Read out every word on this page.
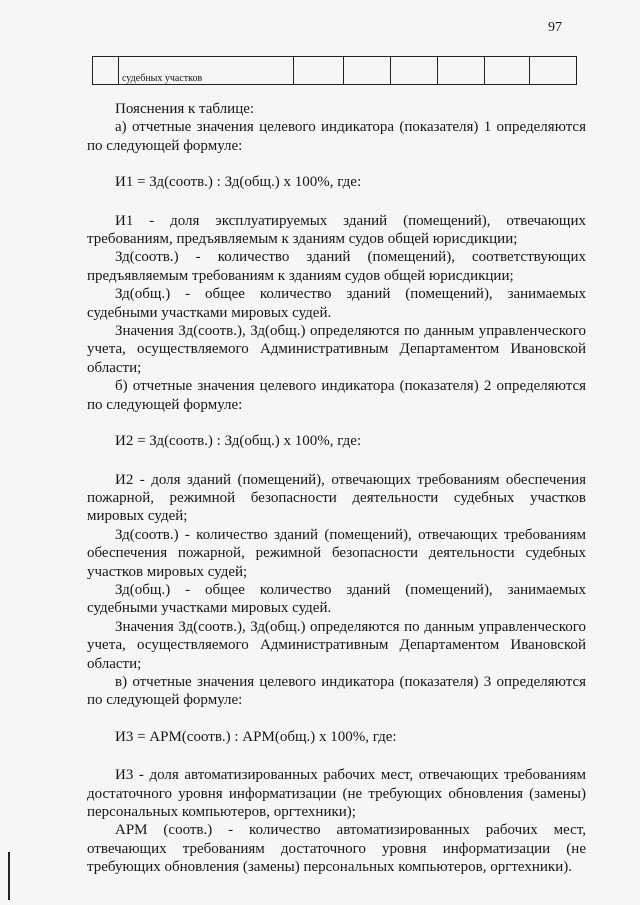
97
	судебных участков						

Пояснения к таблице:

а) отчетные значения целевого индикатора (показателя) 1 определяются по следующей формуле:

И1 = Зд(соотв.) : Зд(общ.) х 100%, где:

И1 - доля эксплуатируемых зданий (помещений), отвечающих требованиям, предъявляемым к зданиям судов общей юрисдикции;

Зд(соотв.) - количество зданий (помещений), соответствующих предъявляемым требованиям к зданиям судов общей юрисдикции;

Зд(общ.) - общее количество зданий (помещений), занимаемых судебными участками мировых судей.

Значения Зд(соотв.), Зд(общ.) определяются по данным управленческого учета, осуществляемого Административным Департаментом Ивановской области;

б) отчетные значения целевого индикатора (показателя) 2 определяются по следующей формуле:

И2 = Зд(соотв.) : Зд(общ.) х 100%, где:

И2 - доля зданий (помещений), отвечающих требованиям обеспечения пожарной, режимной безопасности деятельности судебных участков мировых судей;

Зд(соотв.) - количество зданий (помещений), отвечающих требованиям обеспечения пожарной, режимной безопасности деятельности судебных участков мировых судей;

Зд(общ.) - общее количество зданий (помещений), занимаемых судебными участками мировых судей.

Значения Зд(соотв.), Зд(общ.) определяются по данным управленческого учета, осуществляемого Административным Департаментом Ивановской области;

в) отчетные значения целевого индикатора (показателя) 3 определяются по следующей формуле:

И3 = АРМ(соотв.) : АРМ(общ.) х 100%, где:

И3 - доля автоматизированных рабочих мест, отвечающих требованиям достаточного уровня информатизации (не требующих обновления (замены) персональных компьютеров, оргтехники);

АРМ (соотв.) - количество автоматизированных рабочих мест, отвечающих требованиям достаточного уровня информатизации (не требующих обновления (замены) персональных компьютеров, оргтехники).
